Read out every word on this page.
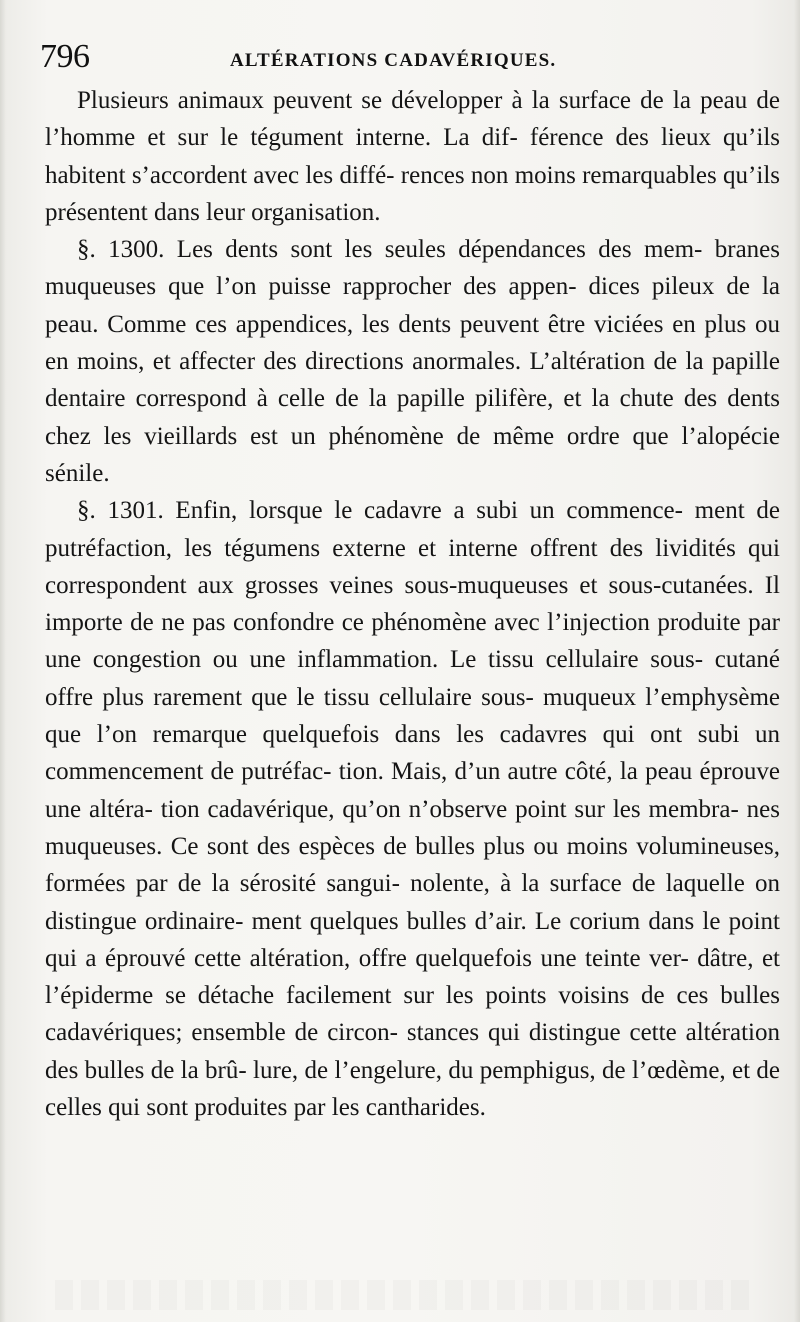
796	ALTÉRATIONS CADAVÉRIQUES.

Plusieurs animaux peuvent se développer à la surface de la peau de l’homme et sur le tégument interne. La dif- férence des lieux qu’ils habitent s’accordent avec les diffé- rences non moins remarquables qu’ils présentent dans leur organisation.

§. 1300. Les dents sont les seules dépendances des mem- branes muqueuses que l’on puisse rapprocher des appen- dices pileux de la peau. Comme ces appendices, les dents peuvent être viciées en plus ou en moins, et affecter des directions anormales. L’altération de la papille dentaire correspond à celle de la papille pilifère, et la chute des dents chez les vieillards est un phénomène de même ordre que l’alopécie sénile.

§. 1301. Enfin, lorsque le cadavre a subi un commence- ment de putréfaction, les tégumens externe et interne offrent des lividités qui correspondent aux grosses veines sous-muqueuses et sous-cutanées. Il importe de ne pas confondre ce phénomène avec l’injection produite par une congestion ou une inflammation. Le tissu cellulaire sous- cutané offre plus rarement que le tissu cellulaire sous- muqueux l’emphysème que l’on remarque quelquefois dans les cadavres qui ont subi un commencement de putréfac- tion. Mais, d’un autre côté, la peau éprouve une altéra- tion cadavérique, qu’on n’observe point sur les membra- nes muqueuses. Ce sont des espèces de bulles plus ou moins volumineuses, formées par de la sérosité sangui- nolente, à la surface de laquelle on distingue ordinaire- ment quelques bulles d’air. Le corium dans le point qui a éprouvé cette altération, offre quelquefois une teinte ver- dâtre, et l’épiderme se détache facilement sur les points voisins de ces bulles cadavériques; ensemble de circon- stances qui distingue cette altération des bulles de la brû- lure, de l’engelure, du pemphigus, de l’œdème, et de celles qui sont produites par les cantharides.
